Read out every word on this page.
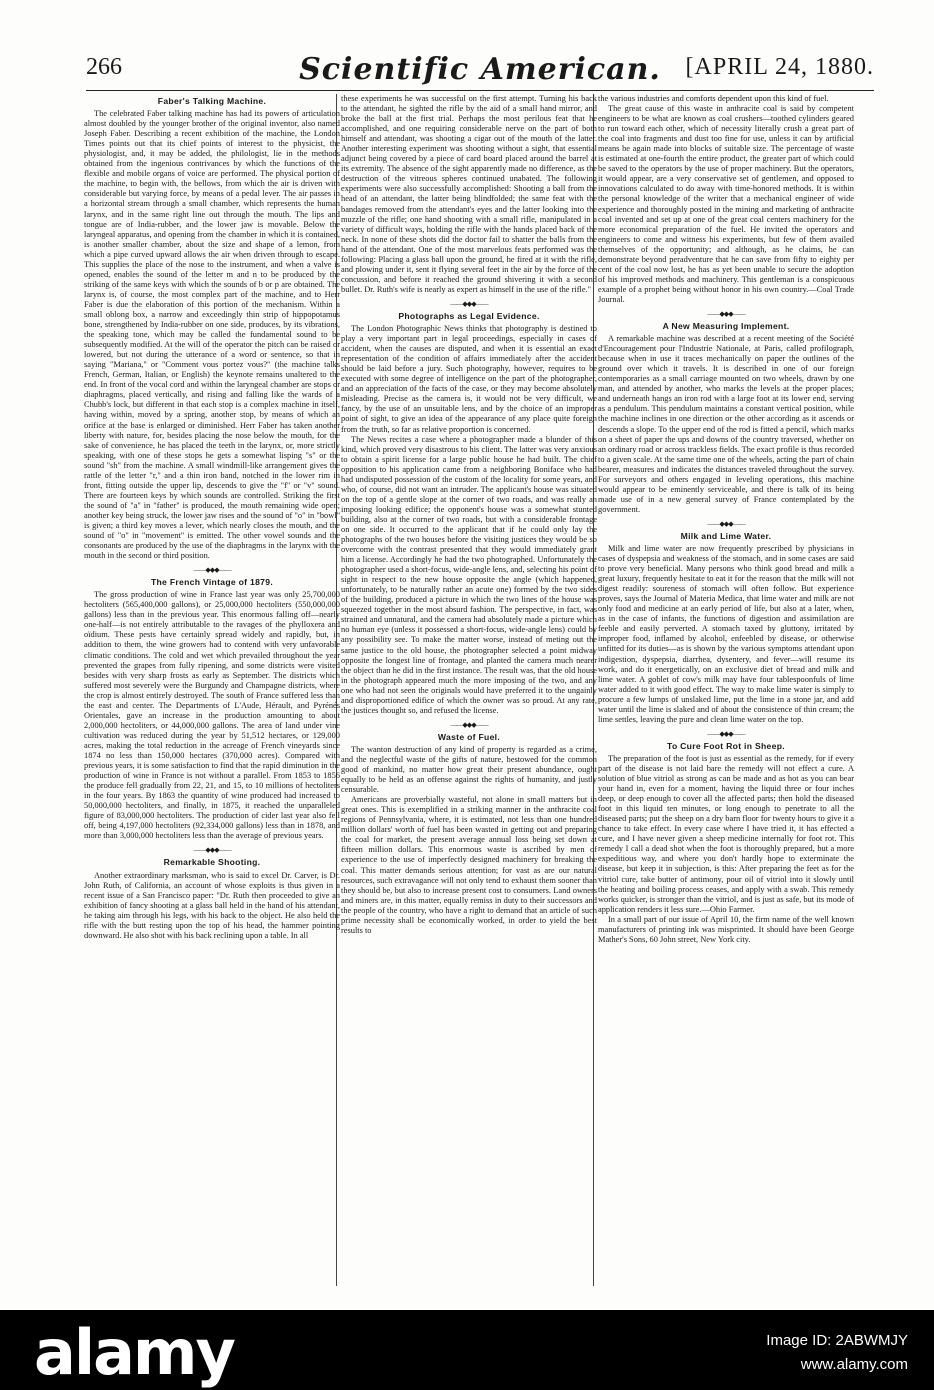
266	Scientific American.	[APRIL 24, 1880.
Faber's Talking Machine.

The celebrated Faber talking machine has had its powers of articulation almost doubled by the younger brother of the original inventor, also named Joseph Faber. Describing a recent exhibition of the machine, the London Times points out that its chief points of interest to the physicist, the physiologist, and, it may be added, the philologist, lie in the methods obtained from the ingenious contrivances by which the functions of the flexible and mobile organs of voice are performed. The physical portion of the machine, to begin with, the bellows, from which the air is driven with considerable but varying force, by means of a pedal lever. The air passes in a horizontal stream through a small chamber, which represents the human larynx, and in the same right line out through the mouth. The lips and tongue are of India-rubber, and the lower jaw is movable. Below the laryngeal apparatus, and opening from the chamber in which it is contained, is another smaller chamber, about the size and shape of a lemon, from which a pipe curved upward allows the air when driven through to escape. This supplies the place of the nose to the instrument, and when a valve is opened, enables the sound of the letter m and n to be produced by the striking of the same keys with which the sounds of b or p are obtained. The larynx is, of course, the most complex part of the machine, and to Herr Faber is due the elaboration of this portion of the mechanism. Within a small oblong box, a narrow and exceedingly thin strip of hippopotamus bone, strengthened by India-rubber on one side, produces, by its vibrations, the speaking tone, which may be called the fundamental sound to be subsequently modified. At the will of the operator the pitch can be raised or lowered, but not during the utterance of a word or sentence, so that in saying "Mariana," or "Comment vous portez vous?" (the machine talks French, German, Italian, or English) the keynote remains unaltered to the end. In front of the vocal cord and within the laryngeal chamber are stops or diaphragms, placed vertically, and rising and falling like the wards of a Chubb's lock, but different in that each stop is a complex machine in itself, having within, moved by a spring, another stop, by means of which an orifice at the base is enlarged or diminished. Herr Faber has taken another liberty with nature, for, besides placing the nose below the mouth, for the sake of convenience, he has placed the teeth in the larynx, or, more strictly speaking, with one of these stops he gets a somewhat lisping "s" or the sound "sh" from the machine. A small windmill-like arrangement gives the rattle of the letter "r," and a thin iron band, notched in the lower rim in front, fitting outside the upper lip, descends to give the "f" or "v" sound. There are fourteen keys by which sounds are controlled. Striking the first the sound of "a" in "father" is produced, the mouth remaining wide open; another key being struck, the lower jaw rises and the sound of "o" in "bowl" is given; a third key moves a lever, which nearly closes the mouth, and the sound of "o" in "movement" is emitted. The other vowel sounds and the consonants are produced by the use of the diaphragms in the larynx with the mouth in the second or third position.

——◆◆◆——
The French Vintage of 1879.

The gross production of wine in France last year was only 25,700,000 hectoliters (565,400,000 gallons), or 25,000,000 hectoliters (550,000,000 gallons) less than in the previous year. This enormous falling off—nearly one-half—is not entirely attributable to the ravages of the phylloxera and oïdium. These pests have certainly spread widely and rapidly, but, in addition to them, the wine growers had to contend with very unfavorable climatic conditions. The cold and wet which prevailed throughout the year prevented the grapes from fully ripening, and some districts were visited besides with very sharp frosts as early as September. The districts which suffered most severely were the Burgundy and Champagne districts, where the crop is almost entirely destroyed. The south of France suffered less than the east and center. The Departments of L'Aude, Hérault, and Pyrénés Orientales, gave an increase in the production amounting to about 2,000,000 hectoliters, or 44,000,000 gallons. The area of land under vine cultivation was reduced during the year by 51,512 hectares, or 129,000 acres, making the total reduction in the acreage of French vineyards since 1874 no less than 150,000 hectares (370,000 acres). Compared with previous years, it is some satisfaction to find that the rapid diminution in the production of wine in France is not without a parallel. From 1853 to 1856 the produce fell gradually from 22, 21, and 15, to 10 millions of hectoliters in the four years. By 1863 the quantity of wine produced had increased to 50,000,000 hectoliters, and finally, in 1875, it reached the unparalleled figure of 83,000,000 hectoliters. The production of cider last year also fell off, being 4,197,000 hectoliters (92,334,000 gallons) less than in 1878, and more than 3,000,000 hectoliters less than the average of previous years.

——◆◆◆——
Remarkable Shooting.

Another extraordinary marksman, who is said to excel Dr. Carver, is Dr. John Ruth, of California, an account of whose exploits is thus given in a recent issue of a San Francisco paper: "Dr. Ruth then proceeded to give an exhibition of fancy shooting at a glass ball held in the hand of his attendant, he taking aim through his legs, with his back to the object. He also held the rifle with the butt resting upon the top of his head, the hammer pointing downward. He also shot with his back reclining upon a table. In all

these experiments he was successful on the first attempt. Turning his back to the attendant, he sighted the rifle by the aid of a small hand mirror, and broke the ball at the first trial. Perhaps the most perilous feat that he accomplished, and one requiring considerable nerve on the part of both himself and attendant, was shooting a cigar out of the mouth of the latter. Another interesting experiment was shooting without a sight, that essential adjunct being covered by a piece of card board placed around the barrel at its extremity. The absence of the sight apparently made no difference, as the destruction of the vitreous spheres continued unabated. The following experiments were also successfully accomplished: Shooting a ball from the head of an attendant, the latter being blindfolded; the same feat with the bandages removed from the attendant's eyes and the latter looking into the muzzle of the rifle; one hand shooting with a small rifle, manipulated in a variety of difficult ways, holding the rifle with the hands placed back of the neck. In none of these shots did the doctor fail to shatter the balls from the hand of the attendant. One of the most marvelous feats performed was the following: Placing a glass ball upon the ground, he fired at it with the rifle, and plowing under it, sent it flying several feet in the air by the force of the concussion, and before it reached the ground shivering it with a second bullet. Dr. Ruth's wife is nearly as expert as himself in the use of the rifle."

——◆◆◆——
Photographs as Legal Evidence.

The London Photographic News thinks that photography is destined to play a very important part in legal proceedings, especially in cases of accident, when the causes are disputed, and when it is essential an exact representation of the condition of affairs immediately after the accident should be laid before a jury. Such photography, however, requires to be executed with some degree of intelligence on the part of the photographer, and an appreciation of the facts of the case, or they may become absolutely misleading. Precise as the camera is, it would not be very difficult, we fancy, by the use of an unsuitable lens, and by the choice of an improper point of sight, to give an idea of the appearance of any place quite foreign from the truth, so far as relative proportion is concerned.

The News recites a case where a photographer made a blunder of this kind, which proved very disastrous to his client. The latter was very anxious to obtain a spirit license for a large public house he had built. The chief opposition to his application came from a neighboring Boniface who had had undisputed possession of the custom of the locality for some years, and who, of course, did not want an intruder. The applicant's house was situated on the top of a gentle slope at the corner of two roads, and was really an imposing looking edifice; the opponent's house was a somewhat stunted building, also at the corner of two roads, but with a considerable frontage on one side. It occurred to the applicant that if he could only lay the photographs of the two houses before the visiting justices they would be so overcome with the contrast presented that they would immediately grant him a license. Accordingly he had the two photographed. Unfortunately the photographer used a short-focus, wide-angle lens, and, selecting his point of sight in respect to the new house opposite the angle (which happened, unfortunately, to be naturally rather an acute one) formed by the two sides of the building, produced a picture in which the two lines of the house was squeezed together in the most absurd fashion. The perspective, in fact, was strained and unnatural, and the camera had absolutely made a picture which no human eye (unless it possessed a short-focus, wide-angle lens) could by any possibility see. To make the matter worse, instead of meting out the same justice to the old house, the photographer selected a point midway opposite the longest line of frontage, and planted the camera much nearer the object than he did in the first instance. The result was, that the old house in the photograph appeared much the more imposing of the two, and any one who had not seen the originals would have preferred it to the ungainly and disproportioned edifice of which the owner was so proud. At any rate, the justices thought so, and refused the license.

——◆◆◆——
Waste of Fuel.

The wanton destruction of any kind of property is regarded as a crime, and the neglectful waste of the gifts of nature, bestowed for the common good of mankind, no matter how great their present abundance, ought equally to be held as an offense against the rights of humanity, and justly censurable.

Americans are proverbially wasteful, not alone in small matters but in great ones. This is exemplified in a striking manner in the anthracite coal regions of Pennsylvania, where, it is estimated, not less than one hundred million dollars' worth of fuel has been wasted in getting out and preparing the coal for market, the present average annual loss being set down at fifteen million dollars. This enormous waste is ascribed by men of experience to the use of imperfectly designed machinery for breaking the coal. This matter demands serious attention; for vast as are our natural resources, such extravagance will not only tend to exhaust them sooner than they should be, but also to increase present cost to consumers. Land owners and miners are, in this matter, equally remiss in duty to their successors and the people of the country, who have a right to demand that an article of such prime necessity shall be economically worked, in order to yield the best results to

the various industries and comforts dependent upon this kind of fuel.

The great cause of this waste in anthracite coal is said by competent engineers to be what are known as coal crushers—toothed cylinders geared to run toward each other, which of necessity literally crush a great part of the coal into fragments and dust too fine for use, unless it can by artificial means be again made into blocks of suitable size. The percentage of waste is estimated at one-fourth the entire product, the greater part of which could be saved to the operators by the use of proper machinery. But the operators, it would appear, are a very conservative set of gentlemen, and opposed to innovations calculated to do away with time-honored methods. It is within the personal knowledge of the writer that a mechanical engineer of wide experience and thoroughly posted in the mining and marketing of anthracite coal invented and set up at one of the great coal centers machinery for the more economical preparation of the fuel. He invited the operators and engineers to come and witness his experiments, but few of them availed themselves of the opportunity; and although, as he claims, he can demonstrate beyond peradventure that he can save from fifty to eighty per cent of the coal now lost, he has as yet been unable to secure the adoption of his improved methods and machinery. This gentleman is a conspicuous example of a prophet being without honor in his own country.—Coal Trade Journal.

——◆◆◆——
A New Measuring Implement.

A remarkable machine was described at a recent meeting of the Société d'Encouragement pour l'Industrie Nationale, at Paris, called profilograph, because when in use it traces mechanically on paper the outlines of the ground over which it travels. It is described in one of our foreign contemporaries as a small carriage mounted on two wheels, drawn by one man, and attended by another, who marks the levels at the proper places; and underneath hangs an iron rod with a large foot at its lower end, serving as a pendulum. This pendulum maintains a constant vertical position, while the machine inclines in one direction or the other according as it ascends or descends a slope. To the upper end of the rod is fitted a pencil, which marks on a sheet of paper the ups and downs of the country traversed, whether on an ordinary road or across trackless fields. The exact profile is thus recorded to a given scale. At the same time one of the wheels, acting the part of chain bearer, measures and indicates the distances traveled throughout the survey. For surveyors and others engaged in leveling operations, this machine would appear to be eminently serviceable, and there is talk of its being made use of in a new general survey of France contemplated by the government.

——◆◆◆——
Milk and Lime Water.

Milk and lime water are now frequently prescribed by physicians in cases of dyspepsia and weakness of the stomach, and in some cases are said to prove very beneficial. Many persons who think good bread and milk a great luxury, frequently hesitate to eat it for the reason that the milk will not digest readily: soureness of stomach will often follow. But experience proves, says the Journal of Materia Medica, that lime water and milk are not only food and medicine at an early period of life, but also at a later, when, as in the case of infants, the functions of digestion and assimilation are feeble and easily perverted. A stomach taxed by gluttony, irritated by improper food, inflamed by alcohol, enfeebled by disease, or otherwise unfitted for its duties—as is shown by the various symptoms attendant upon indigestion, dyspepsia, diarrhea, dysentery, and fever—will resume its work, and do it energetically, on an exclusive diet of bread and milk and lime water. A goblet of cow's milk may have four tablespoonfuls of lime water added to it with good effect. The way to make lime water is simply to procure a few lumps of unslaked lime, put the lime in a stone jar, and add water until the lime is slaked and of about the consistence of thin cream; the lime settles, leaving the pure and clean lime water on the top.

——◆◆◆——
To Cure Foot Rot in Sheep.

The preparation of the foot is just as essential as the remedy, for if every part of the disease is not laid bare the remedy will not effect a cure. A solution of blue vitriol as strong as can be made and as hot as you can bear your hand in, even for a moment, having the liquid three or four inches deep, or deep enough to cover all the affected parts; then hold the diseased foot in this liquid ten minutes, or long enough to penetrate to all the diseased parts; put the sheep on a dry barn floor for twenty hours to give it a chance to take effect. In every case where I have tried it, it has effected a cure, and I have never given a sheep medicine internally for foot rot. This remedy I call a dead shot when the foot is thoroughly prepared, but a more expeditious way, and where you don't hardly hope to exterminate the disease, but keep it in subjection, is this: After preparing the feet as for the vitriol cure, take butter of antimony, pour oil of vitriol into it slowly until the heating and boiling process ceases, and apply with a swab. This remedy works quicker, is stronger than the vitriol, and is just as safe, but its mode of application renders it less sure.—Ohio Farmer.

In a small part of our issue of April 10, the firm name of the well known manufacturers of printing ink was misprinted. It should have been George Mather's Sons, 60 John street, New York city.

alamy	Image ID: 2ABWMJY
www.alamy.com
